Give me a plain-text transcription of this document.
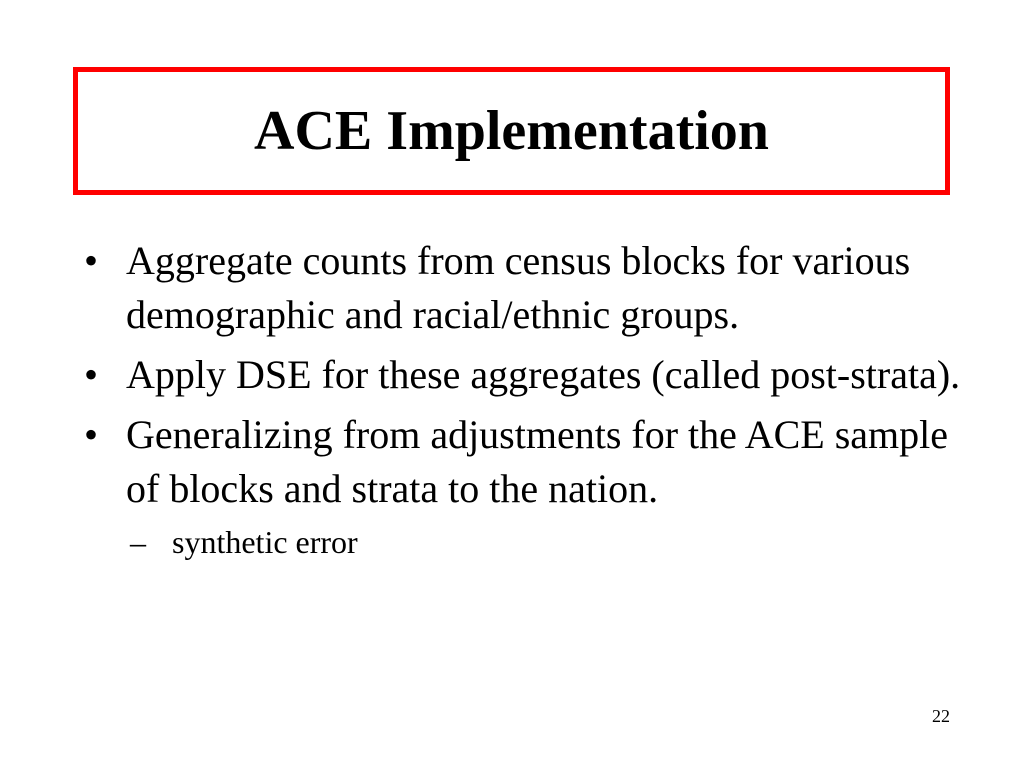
ACE Implementation
• Aggregate counts from census blocks for various demographic and racial/ethnic groups.
• Apply DSE for these aggregates (called post-strata).
• Generalizing from adjustments for the ACE sample of blocks and strata to the nation.
– synthetic error
22
